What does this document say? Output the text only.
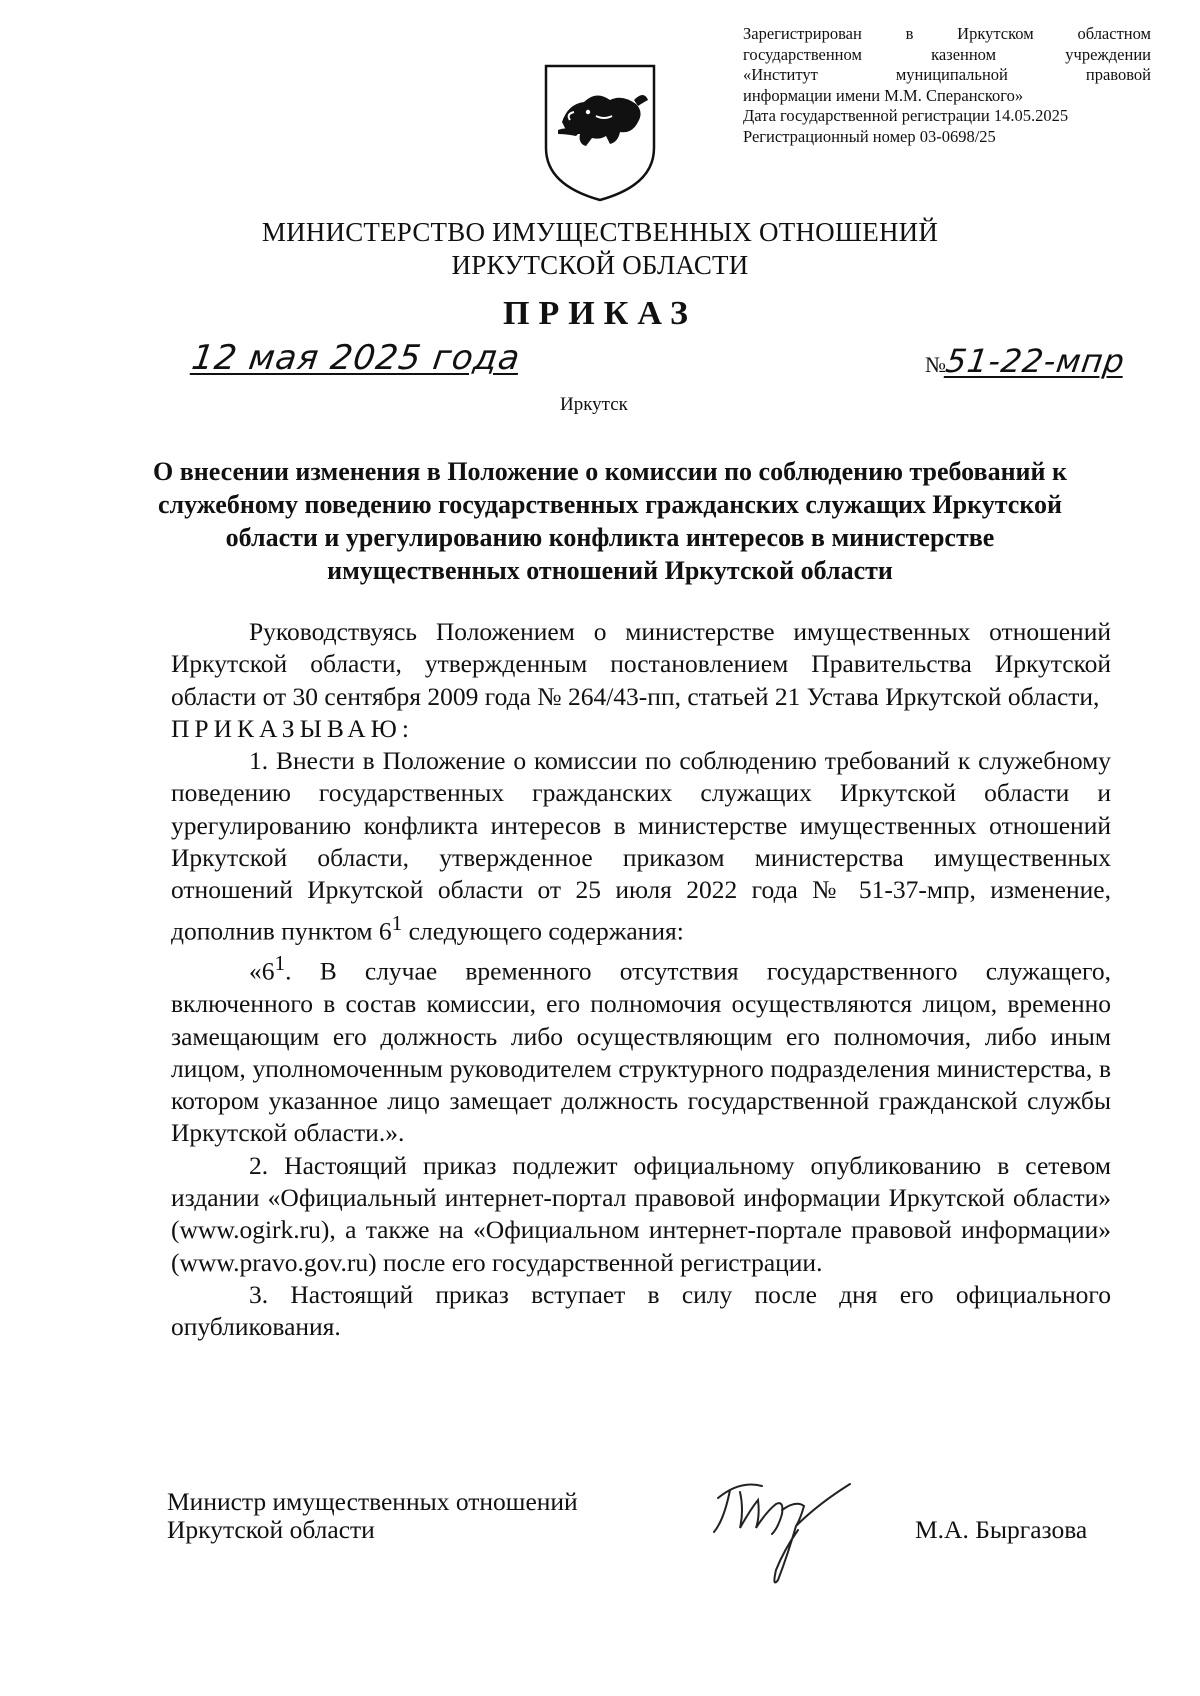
Зарегистрирован в Иркутском областном
государственном казенном учреждении
«Институт муниципальной правовой
информации имени М.М. Сперанского»
Дата государственной регистрации 14.05.2025
Регистрационный номер 03-0698/25
МИНИСТЕРСТВО ИМУЩЕСТВЕННЫХ ОТНОШЕНИЙ
ИРКУТСКОЙ ОБЛАСТИ
ПРИКАЗ
12 мая 2025 года	№51-22-мпр
Иркутск
О внесении изменения в Положение о комиссии по соблюдению требований к служебному поведению государственных гражданских служащих Иркутской области и урегулированию конфликта интересов в министерстве имущественных отношений Иркутской области

Руководствуясь Положением о министерстве имущественных отношений Иркутской области, утвержденным постановлением Правительства Иркутской области от 30 сентября 2009 года № 264/43-пп, статьей 21 Устава Иркутской области,

ПРИКАЗЫВАЮ:

1. Внести в Положение о комиссии по соблюдению требований к служебному поведению государственных гражданских служащих Иркутской области и урегулированию конфликта интересов в министерстве имущественных отношений Иркутской области, утвержденное приказом министерства имущественных отношений Иркутской области от 25 июля 2022 года № 51-37-мпр, изменение, дополнив пунктом $6^1$ следующего содержания:

«$6^1$. В случае временного отсутствия государственного служащего, включенного в состав комиссии, его полномочия осуществляются лицом, временно замещающим его должность либо осуществляющим его полномочия, либо иным лицом, уполномоченным руководителем структурного подразделения министерства, в котором указанное лицо замещает должность государственной гражданской службы Иркутской области.».

2. Настоящий приказ подлежит официальному опубликованию в сетевом издании «Официальный интернет-портал правовой информации Иркутской области» (www.ogirk.ru), а также на «Официальном интернет-портале правовой информации» (www.pravo.gov.ru) после его государственной регистрации.

3. Настоящий приказ вступает в силу после дня его официального опубликования.

Министр имущественных отношений
Иркутской области	М.А. Быргазова
